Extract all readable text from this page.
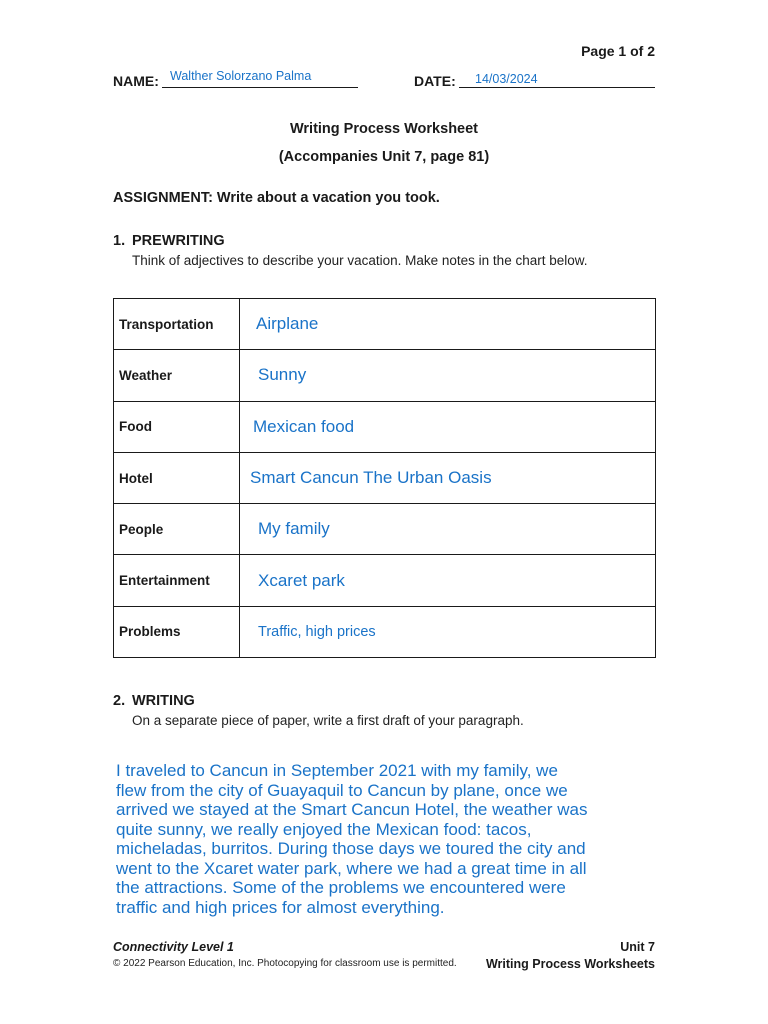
Page 1 of 2
NAME: Walther Solorzano Palma	DATE: 14/03/2024
Writing Process Worksheet
(Accompanies Unit 7, page 81)
ASSIGNMENT: Write about a vacation you took.
1. PREWRITING
Think of adjectives to describe your vacation. Make notes in the chart below.
Transportation	Airplane
Weather	Sunny
Food	Mexican food
Hotel	Smart Cancun The Urban Oasis
People	My family
Entertainment	Xcaret park
Problems	Traffic, high prices
2. WRITING
On a separate piece of paper, write a first draft of your paragraph.
I traveled to Cancun in September 2021 with my family, we
flew from the city of Guayaquil to Cancun by plane, once we
arrived we stayed at the Smart Cancun Hotel, the weather was
quite sunny, we really enjoyed the Mexican food: tacos,
micheladas, burritos. During those days we toured the city and
went to the Xcaret water park, where we had a great time in all
the attractions. Some of the problems we encountered were
traffic and high prices for almost everything.
Connectivity Level 1
© 2022 Pearson Education, Inc. Photocopying for classroom use is permitted.
Unit 7
Writing Process Worksheets
